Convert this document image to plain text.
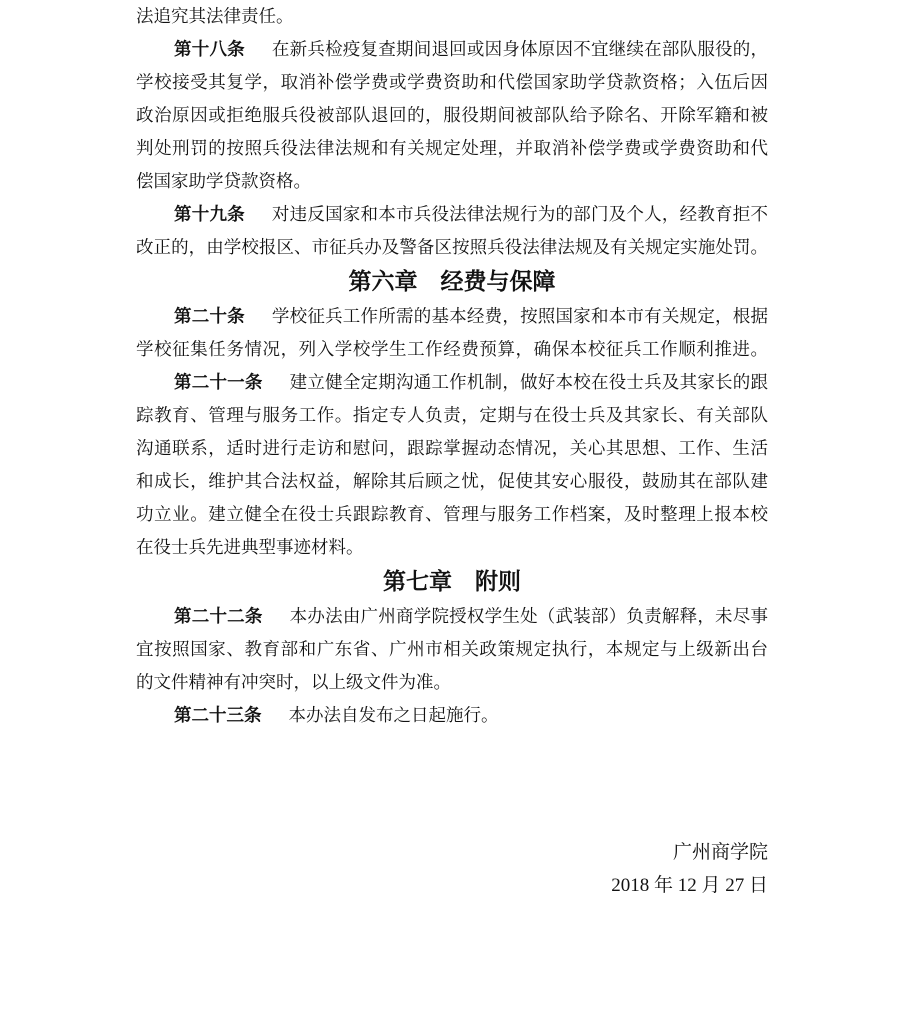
法追究其法律责任。
第十八条 在新兵检疫复查期间退回或因身体原因不宜继续在部队服役的，
学校接受其复学，取消补偿学费或学费资助和代偿国家助学贷款资格；入伍后因
政治原因或拒绝服兵役被部队退回的，服役期间被部队给予除名、开除军籍和被
判处刑罚的按照兵役法律法规和有关规定处理，并取消补偿学费或学费资助和代
偿国家助学贷款资格。
第十九条 对违反国家和本市兵役法律法规行为的部门及个人，经教育拒不
改正的，由学校报区、市征兵办及警备区按照兵役法律法规及有关规定实施处罚。
第六章　经费与保障
第二十条 学校征兵工作所需的基本经费，按照国家和本市有关规定，根据
学校征集任务情况，列入学校学生工作经费预算，确保本校征兵工作顺利推进。
第二十一条 建立健全定期沟通工作机制，做好本校在役士兵及其家长的跟
踪教育、管理与服务工作。指定专人负责，定期与在役士兵及其家长、有关部队
沟通联系，适时进行走访和慰问，跟踪掌握动态情况，关心其思想、工作、生活
和成长，维护其合法权益，解除其后顾之忧，促使其安心服役，鼓励其在部队建
功立业。建立健全在役士兵跟踪教育、管理与服务工作档案，及时整理上报本校
在役士兵先进典型事迹材料。
第七章　附则
第二十二条 本办法由广州商学院授权学生处（武装部）负责解释，未尽事
宜按照国家、教育部和广东省、广州市相关政策规定执行，本规定与上级新出台
的文件精神有冲突时，以上级文件为准。
第二十三条 本办法自发布之日起施行。
广州商学院
2018 年 12 月 27 日
